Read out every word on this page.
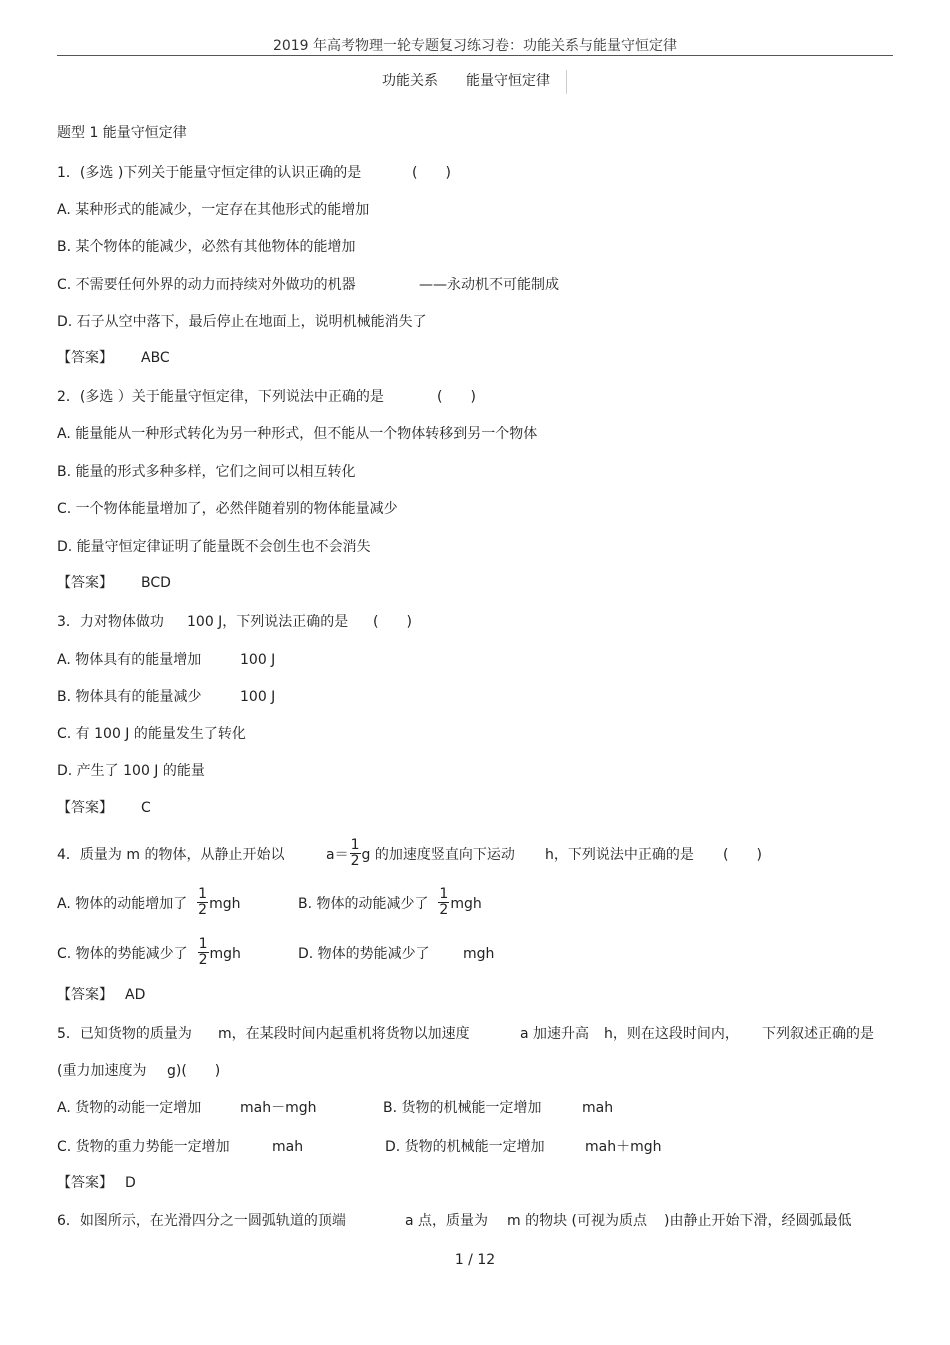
2019 年高考物理一轮专题复习练习卷：功能关系与能量守恒定律
功能关系 能量守恒定律
题型 1 能量守恒定律
1．(多选 )下列关于能量守恒定律的认识正确的是	(　　)
A. 某种形式的能减少，一定存在其他形式的能增加
B. 某个物体的能减少，必然有其他物体的能增加
C. 不需要任何外界的动力而持续对外做功的机器	——永动机不可能制成
D. 石子从空中落下，最后停止在地面上，说明机械能消失了
【答案】 ABC
2．(多选 ）关于能量守恒定律，下列说法中正确的是	(　　)
A. 能量能从一种形式转化为另一种形式，但不能从一个物体转移到另一个物体
B. 能量的形式多种多样，它们之间可以相互转化
C. 一个物体能量增加了，必然伴随着别的物体能量减少
D. 能量守恒定律证明了能量既不会创生也不会消失
【答案】 BCD
3．力对物体做功 100 J，下列说法正确的是 (　　)
A. 物体具有的能量增加	100 J
B. 物体具有的能量减少	100 J
C. 有 100 J 的能量发生了转化
D. 产生了 100 J 的能量
【答案】 C
4．质量为 m 的物体，从静止开始以	$a= \frac{1}{2}$ g 的加速度竖直向下运动 h，下列说法中正确的是 (　　)
A. 物体的动能增加了 $\frac{1}{2}$ mgh	B. 物体的动能减少了 $\frac{1}{2}$ mgh
C. 物体的势能减少了 $\frac{1}{2}$ mgh	D. 物体的势能减少了 mgh
【答案】 AD
5．已知货物的质量为 m，在某段时间内起重机将货物以加速度	a 加速升高 h，则在这段时间内， 下列叙述正确的是
(重力加速度为 g)(　　)
A. 货物的动能一定增加	mah－mgh	B. 货物的机械能一定增加	mah
C. 货物的重力势能一定增加	mah	D. 货物的机械能一定增加	mah＋mgh
【答案】 D
6．如图所示，在光滑四分之一圆弧轨道的顶端	a 点，质量为 m 的物块 (可视为质点 )由静止开始下滑，经圆弧最低
1 / 12
